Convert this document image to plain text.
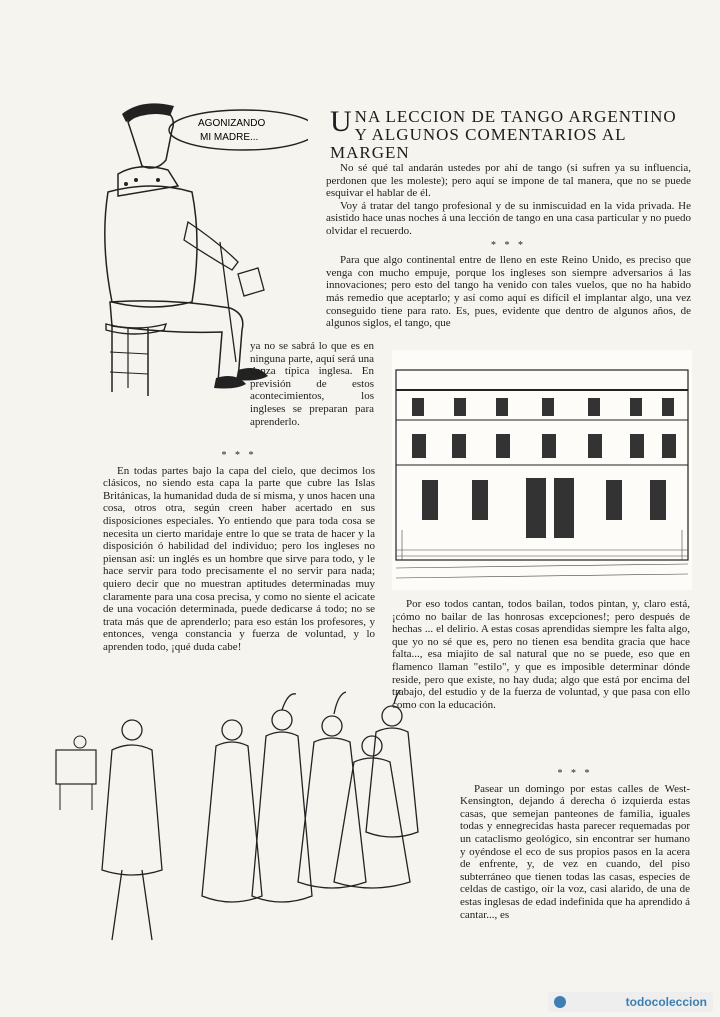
AGONIZANDO
MI MADRE... UNA LECCION DE TANGO ARGENTINO Y ALGUNOS COMENTARIOS AL MARGEN

No sé qué tal andarán ustedes por ahí de tango (si sufren ya su influencia, perdonen que les moleste); pero aquí se impone de tal manera, que no se puede esquivar el hablar de él.

Voy á tratar del tango profesional y de su inmiscuidad en la vida privada. He asistido hace unas noches á una lección de tango en una casa particular y no puedo olvidar el recuerdo.

* * *

Para que algo continental entre de lleno en este Reino Unido, es preciso que venga con mucho empuje, porque los ingleses son siempre adversarios á las innovaciones; pero esto del tango ha venido con tales vuelos, que no ha habido más remedio que aceptarlo; y así como aquí es difícil el implantar algo, una vez conseguido tiene para rato. Es, pues, evidente que dentro de algunos años, de algunos siglos, el tango, que

ya no se sabrá lo que es en ninguna parte, aquí será una danza típica inglesa. En previsión de estos acontecimientos, los ingleses se preparan para aprenderlo.

* * *

En todas partes bajo la capa del cielo, que decimos los clásicos, no siendo esta capa la parte que cubre las Islas Británicas, la humanidad duda de sí misma, y unos hacen una cosa, otros otra, según creen haber acertado en sus disposiciones especiales. Yo entiendo que para toda cosa se necesita un cierto maridaje entre lo que se trata de hacer y la disposición ó habilidad del individuo; pero los ingleses no piensan así: un inglés es un hombre que sirve para todo, y le hace servir para todo precisamente el no servir para nada; quiero decir que no muestran aptitudes determinadas muy claramente para una cosa precisa, y como no siente el acicate de una vocación determinada, puede dedicarse á todo; no se trata más que de aprenderlo; para eso están los profesores, y entonces, venga constancia y fuerza de voluntad, y lo aprenden todo, ¡qué duda cabe!

Por eso todos cantan, todos bailan, todos pintan, y, claro está, ¡cómo no bailar de las honrosas excepciones!; pero después de hechas ... el delirio. A estas cosas aprendidas siempre les falta algo, que yo no sé que es, pero no tienen esa bendita gracia que hace falta..., esa miajito de sal natural que no se puede, eso que en flamenco llaman "estilo", y que es imposible determinar dónde reside, pero que existe, no hay duda; algo que está por encima del trabajo, del estudio y de la fuerza de voluntad, y que pasa con ello como con la educación.

* * *

Pasear un domingo por estas calles de West-Kensington, dejando á derecha ó izquierda estas casas, que semejan panteones de familia, iguales todas y ennegrecidas hasta parecer requemadas por un cataclismo geológico, sin encontrar ser humano y oyéndose el eco de sus propios pasos en la acera de enfrente, y, de vez en cuando, del piso subterráneo que tienen todas las casas, especies de celdas de castigo, oír la voz, casi alarido, de una de estas inglesas de edad indefinida que ha aprendido á cantar..., es

todocoleccion
